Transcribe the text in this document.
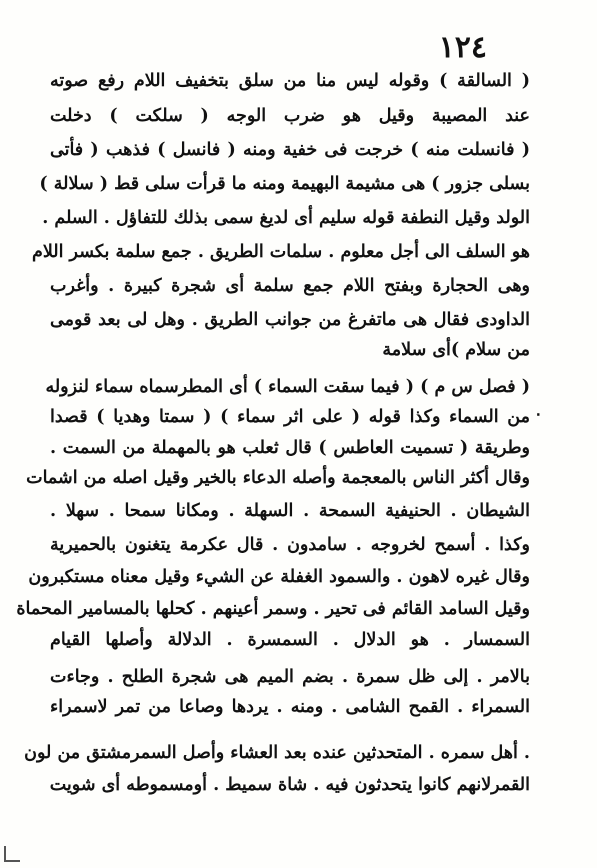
١٢٤
( السالقة ) وقوله ليس منا من سلق بتخفيف اللام رفع صوته
عند المصيبة وقيل هو ضرب الوجه ( سلكت ) دخلت
( فانسلت منه ) خرجت فى خفية ومنه ( فانسل ) فذهب ( فأتى
بسلى جزور ) هى مشيمة البهيمة ومنه ما قرأت سلى قط ( سلالة )
الولد وقيل النطفة قوله سليم أى لديغ سمى بذلك للتفاؤل . السلم .
هو السلف الى أجل معلوم . سلمات الطريق . جمع سلمة بكسر اللام
وهى الحجارة وبفتح اللام جمع سلمة أى شجرة كبيرة . وأغرب
الداودى فقال هى ماتفرغ من جوانب الطريق . وهل لى بعد قومى
من سلام )أى سلامة
( فصل س م ) ( فيما سقت السماء ) أى المطرسماه سماء لنزوله
من السماء وكذا قوله ( على اثر سماء ) ( سمتا وهديا ) قصدا ٠
وطريقة ( تسميت العاطس ) قال ثعلب هو بالمهملة من السمت .
وقال أكثر الناس بالمعجمة وأصله الدعاء بالخير وقيل اصله من اشمات
الشيطان . الحنيفية السمحة . السهلة . ومكانا سمحا . سهلا .
وكذا . أسمح لخروجه . سامدون . قال عكرمة يتغنون بالحميرية
وقال غيره لاهون . والسمود الغفلة عن الشيء وقيل معناه مستكبرون
وقيل السامد القائم فى تحير . وسمر أعينهم . كحلها بالمسامير المحماة
السمسار . هو الدلال . السمسرة . الدلالة وأصلها القيام
بالامر . إلى ظل سمرة . بضم الميم هى شجرة الطلح . وجاءت
السمراء . القمح الشامى . ومنه . يردها وصاعا من تمر لاسمراء
. أهل سمره . المتحدثين عنده بعد العشاء وأصل السمرمشتق من لون
القمرلانهم كانوا يتحدثون فيه . شاة سميط . أومسموطه أى شويت
